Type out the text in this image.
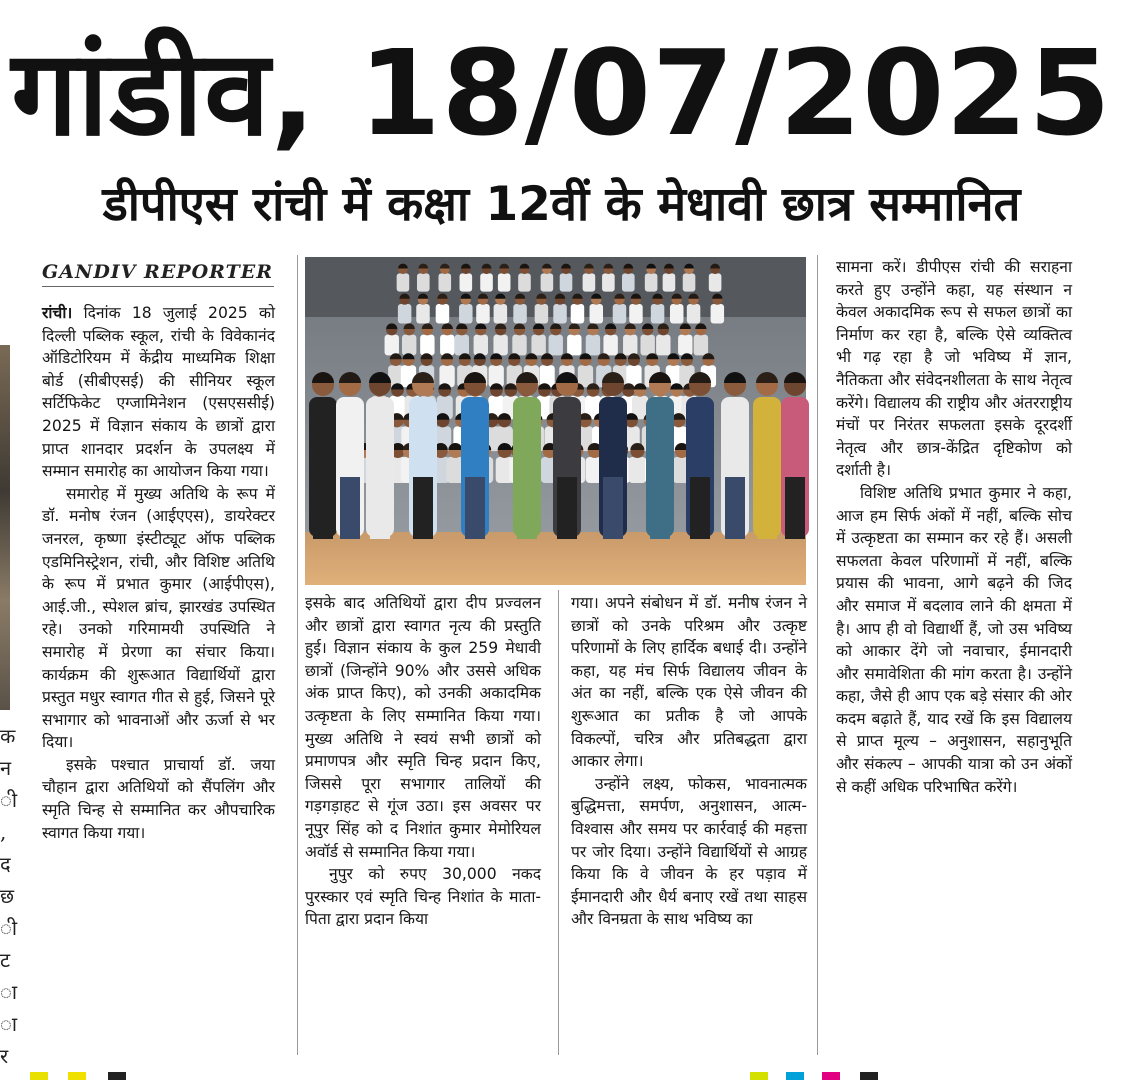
गांडीव, 18/07/2025
डीपीएस रांची में कक्षा 12वीं के मेधावी छात्र सम्मानित
क
न
ी
,
द
छ
ी
ट
ा
ा
र
GANDIV REPORTER

रांची। दिनांक 18 जुलाई 2025 को दिल्ली पब्लिक स्कूल, रांची के विवेकानंद ऑडिटोरियम में केंद्रीय माध्यमिक शिक्षा बोर्ड (सीबीएसई) की सीनियर स्कूल सर्टिफिकेट एग्जामिनेशन (एसएससीई) 2025 में विज्ञान संकाय के छात्रों द्वारा प्राप्त शानदार प्रदर्शन के उपलक्ष्य में सम्मान समारोह का आयोजन किया गया।

समारोह में मुख्य अतिथि के रूप में डॉ. मनोष रंजन (आईएएस), डायरेक्टर जनरल, कृष्णा इंस्टीट्यूट ऑफ पब्लिक एडमिनिस्ट्रेशन, रांची, और विशिष्ट अतिथि के रूप में प्रभात कुमार (आईपीएस), आई.जी., स्पेशल ब्रांच, झारखंड उपस्थित रहे। उनको गरिमामयी उपस्थिति ने समारोह में प्रेरणा का संचार किया। कार्यक्रम की शुरूआत विद्यार्थियों द्वारा प्रस्तुत मधुर स्वागत गीत से हुई, जिसने पूरे सभागार को भावनाओं और ऊर्जा से भर दिया।

इसके पश्चात प्राचार्या डॉ. जया चौहान द्वारा अतिथियों को सैंपलिंग और स्मृति चिन्ह से सम्मानित कर औपचारिक स्वागत किया गया।

इसके बाद अतिथियों द्वारा दीप प्रज्वलन और छात्रों द्वारा स्वागत नृत्य की प्रस्तुति हुई। विज्ञान संकाय के कुल 259 मेधावी छात्रों (जिन्होंने 90% और उससे अधिक अंक प्राप्त किए), को उनकी अकादमिक उत्कृष्टता के लिए सम्मानित किया गया। मुख्य अतिथि ने स्वयं सभी छात्रों को प्रमाणपत्र और स्मृति चिन्ह प्रदान किए, जिससे पूरा सभागार तालियों की गड़गड़ाहट से गूंज उठा। इस अवसर पर नूपुर सिंह को द निशांत कुमार मेमोरियल अवॉर्ड से सम्मानित किया गया।

नुपुर को रुपए 30,000 नकद पुरस्कार एवं स्मृति चिन्ह निशांत के माता-पिता द्वारा प्रदान किया

गया। अपने संबोधन में डॉ. मनीष रंजन ने छात्रों को उनके परिश्रम और उत्कृष्ट परिणामों के लिए हार्दिक बधाई दी। उन्होंने कहा, यह मंच सिर्फ विद्यालय जीवन के अंत का नहीं, बल्कि एक ऐसे जीवन की शुरूआत का प्रतीक है जो आपके विकल्पों, चरित्र और प्रतिबद्धता द्वारा आकार लेगा।

उन्होंने लक्ष्य, फोकस, भावनात्मक बुद्धिमत्ता, समर्पण, अनुशासन, आत्म-विश्वास और समय पर कार्रवाई की महत्ता पर जोर दिया। उन्होंने विद्यार्थियों से आग्रह किया कि वे जीवन के हर पड़ाव में ईमानदारी और धैर्य बनाए रखें तथा साहस और विनम्रता के साथ भविष्य का

सामना करें। डीपीएस रांची की सराहना करते हुए उन्होंने कहा, यह संस्थान न केवल अकादमिक रूप से सफल छात्रों का निर्माण कर रहा है, बल्कि ऐसे व्यक्तित्व भी गढ़ रहा है जो भविष्य में ज्ञान, नैतिकता और संवेदनशीलता के साथ नेतृत्व करेंगे। विद्यालय की राष्ट्रीय और अंतरराष्ट्रीय मंचों पर निरंतर सफलता इसके दूरदर्शी नेतृत्व और छात्र-केंद्रित दृष्टिकोण को दर्शाती है।

विशिष्ट अतिथि प्रभात कुमार ने कहा, आज हम सिर्फ अंकों में नहीं, बल्कि सोच में उत्कृष्टता का सम्मान कर रहे हैं। असली सफलता केवल परिणामों में नहीं, बल्कि प्रयास की भावना, आगे बढ़ने की जिद और समाज में बदलाव लाने की क्षमता में है। आप ही वो विद्यार्थी हैं, जो उस भविष्य को आकार देंगे जो नवाचार, ईमानदारी और समावेशिता की मांग करता है। उन्होंने कहा, जैसे ही आप एक बड़े संसार की ओर कदम बढ़ाते हैं, याद रखें कि इस विद्यालय से प्राप्त मूल्य – अनुशासन, सहानुभूति और संकल्प – आपकी यात्रा को उन अंकों से कहीं अधिक परिभाषित करेंगे।
